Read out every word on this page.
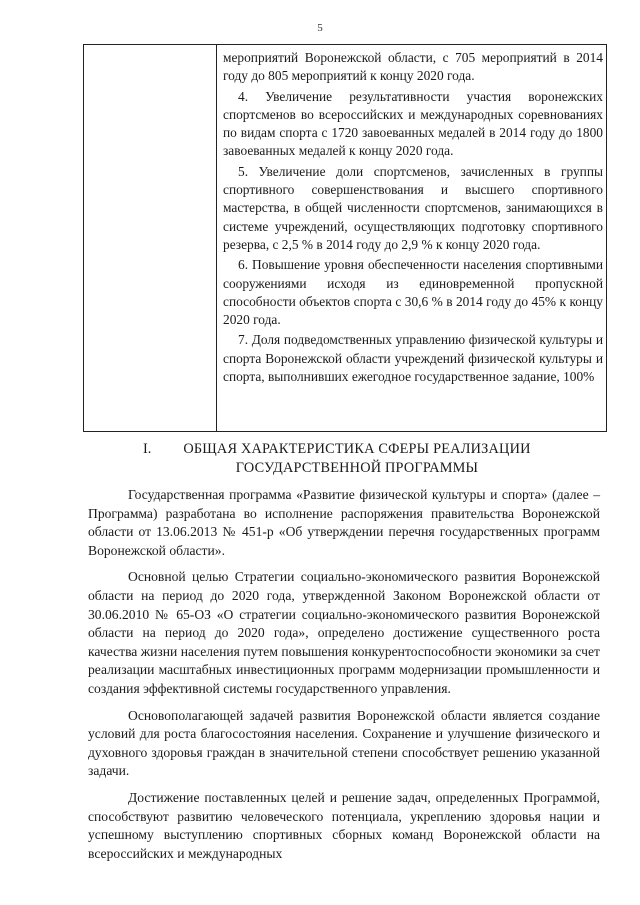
5

мероприятий Воронежской области, с 705 мероприятий в 2014 году до 805 мероприятий к концу 2020 года.

4. Увеличение результативности участия воронежских спортсменов во всероссийских и международных соревнованиях по видам спорта с 1720 завоеванных медалей в 2014 году до 1800 завоеванных медалей к концу 2020 года.

5. Увеличение доли спортсменов, зачисленных в группы спортивного совершенствования и высшего спортивного мастерства, в общей численности спортсменов, занимающихся в системе учреждений, осуществляющих подготовку спортивного резерва, с 2,5 % в 2014 году до 2,9 % к концу 2020 года.

6. Повышение уровня обеспеченности населения спортивными сооружениями исходя из единовременной пропускной способности объектов спорта с 30,6 % в 2014 году до 45% к концу 2020 года.

7. Доля подведомственных управлению физической культуры и спорта Воронежской области учреждений физической культуры и спорта, выполнивших ежегодное государственное задание, 100%

I.	ОБЩАЯ ХАРАКТЕРИСТИКА СФЕРЫ РЕАЛИЗАЦИИ
ГОСУДАРСТВЕННОЙ ПРОГРАММЫ

Государственная программа «Развитие физической культуры и спорта» (далее – Программа) разработана во исполнение распоряжения правительства Воронежской области от 13.06.2013 № 451-р «Об утверждении перечня государственных программ Воронежской области».

Основной целью Стратегии социально-экономического развития Воронежской области на период до 2020 года, утвержденной Законом Воронежской области от 30.06.2010 № 65-ОЗ «О стратегии социально-экономического развития Воронежской области на период до 2020 года», определено достижение существенного роста качества жизни населения путем повышения конкурентоспособности экономики за счет реализации масштабных инвестиционных программ модернизации промышленности и создания эффективной системы государственного управления.

Основополагающей задачей развития Воронежской области является создание условий для роста благосостояния населения. Сохранение и улучшение физического и духовного здоровья граждан в значительной степени способствует решению указанной задачи.

Достижение поставленных целей и решение задач, определенных Программой, способствуют развитию человеческого потенциала, укреплению здоровья нации и успешному выступлению спортивных сборных команд Воронежской области на всероссийских и международных
